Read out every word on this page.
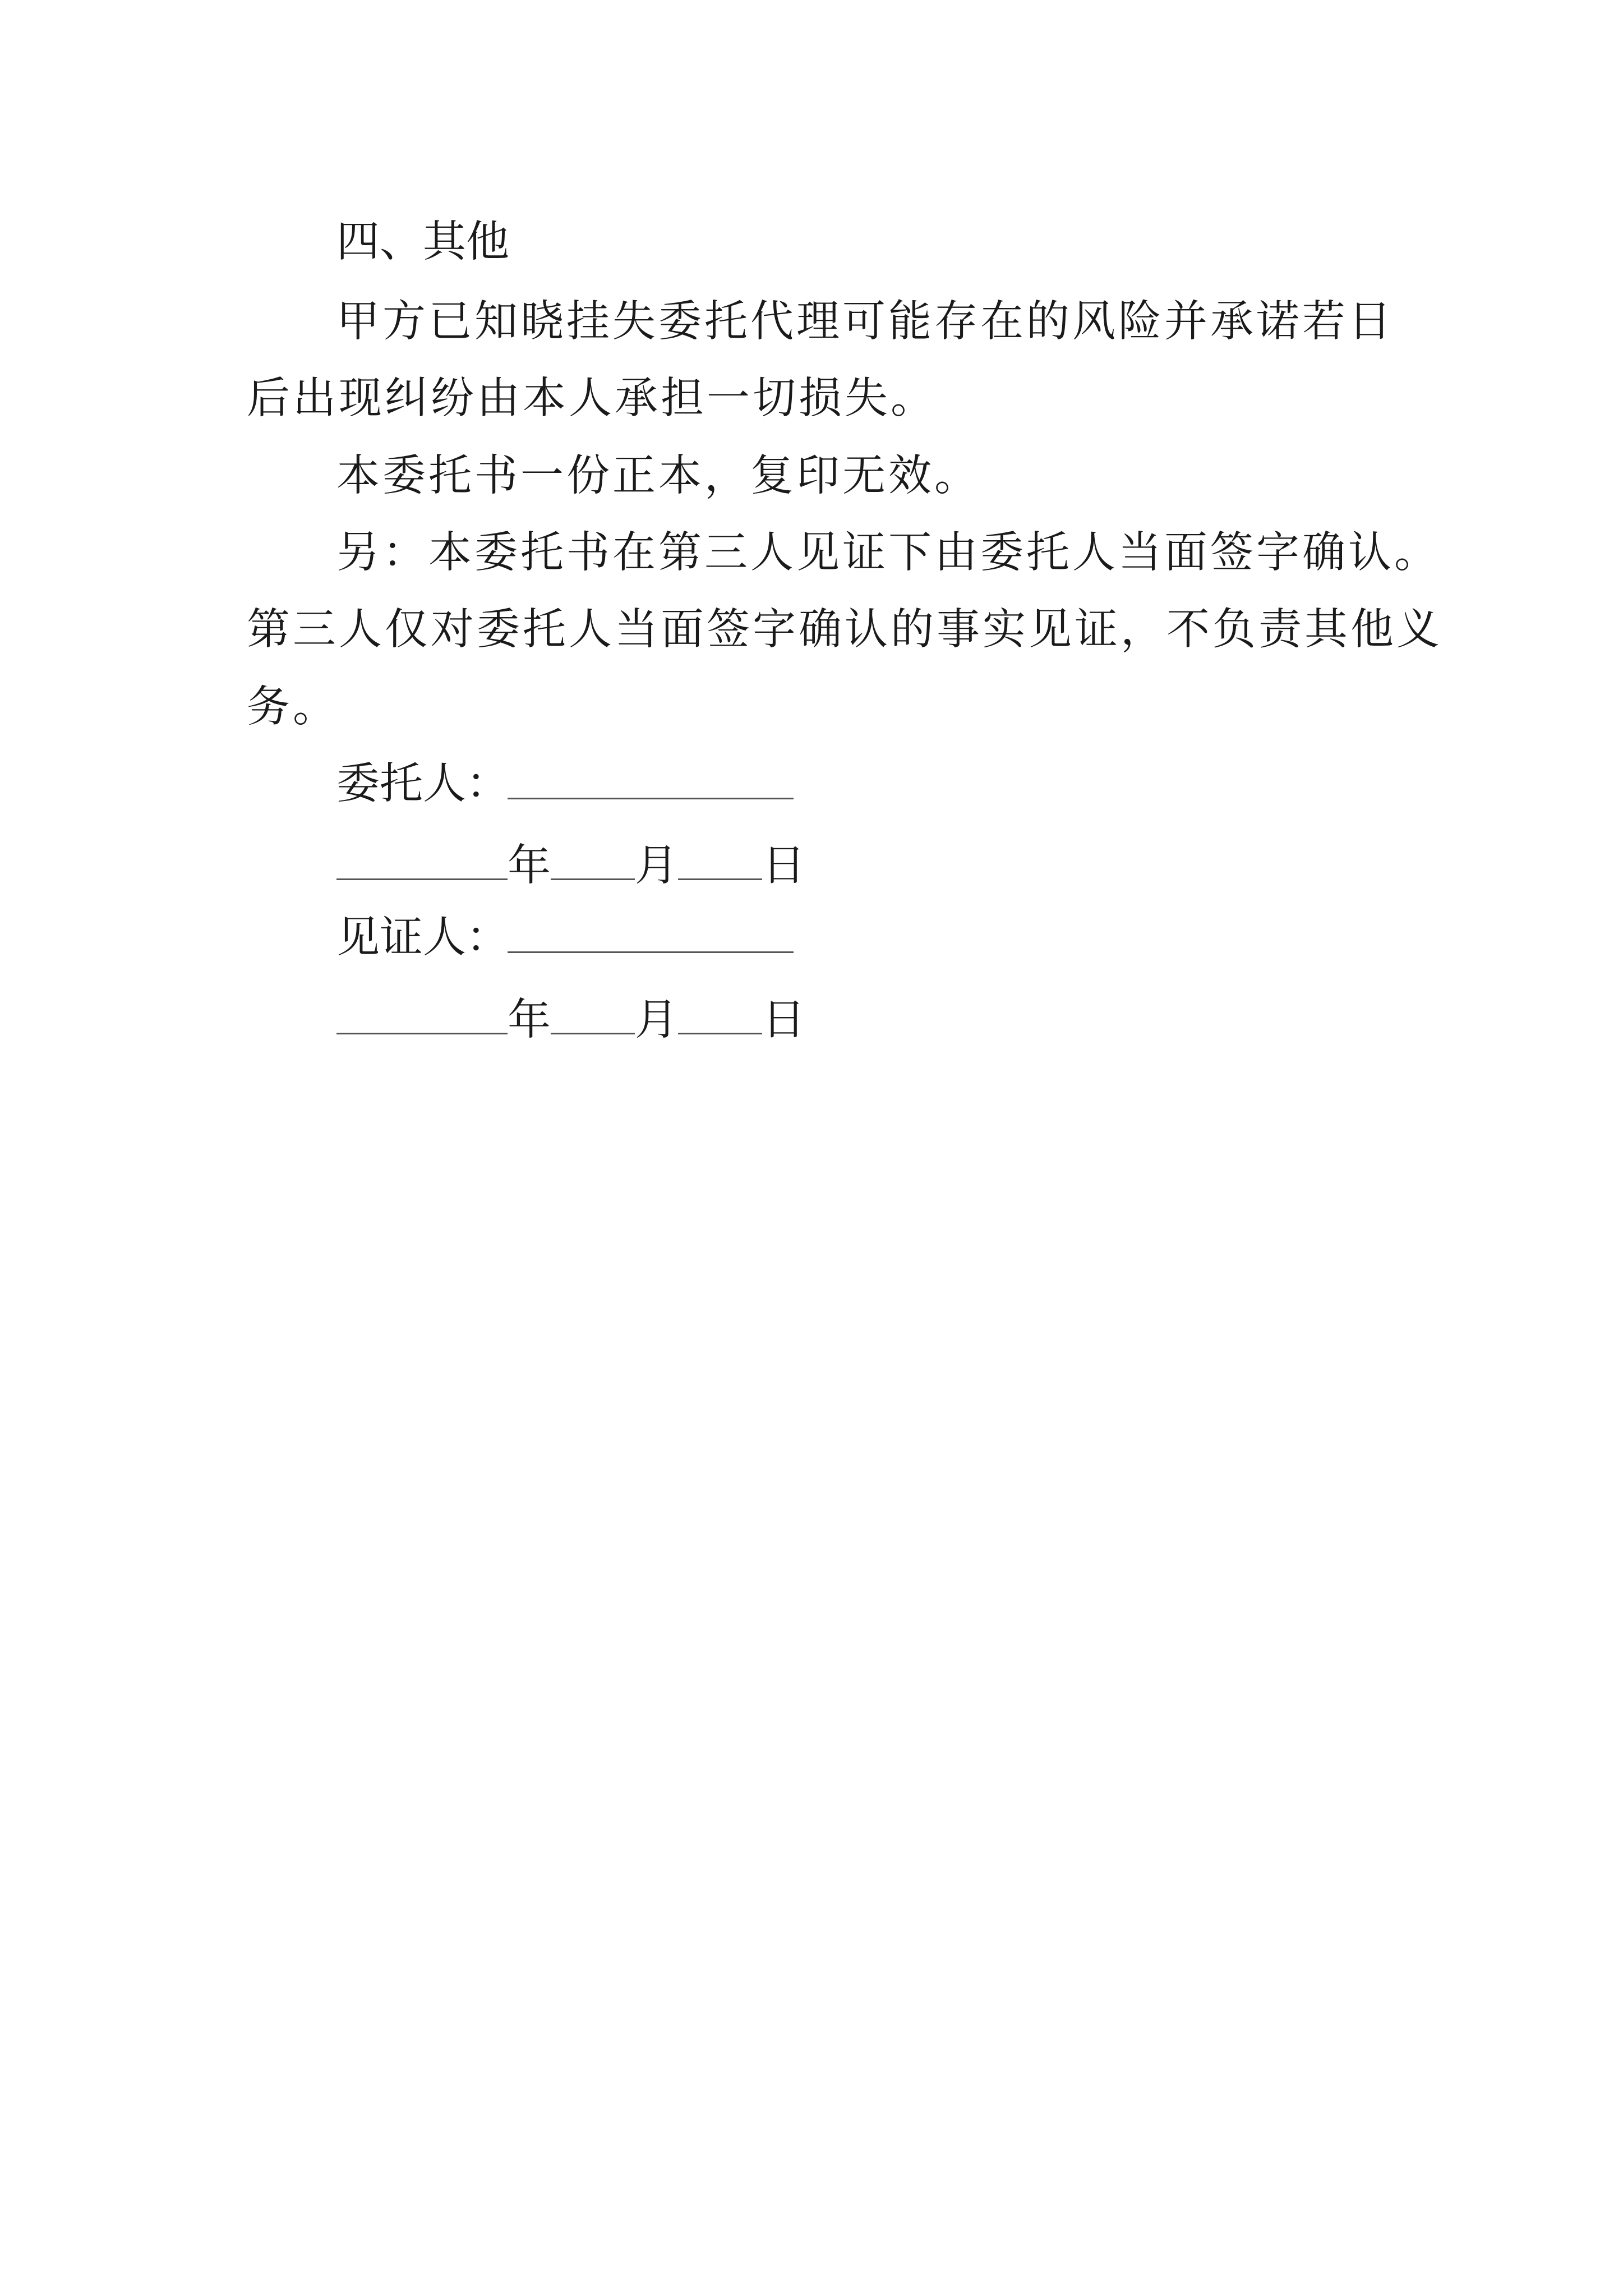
四、其他
甲方已知晓挂失委托代理可能存在的风险并承诺若日
后出现纠纷由本人承担一切损失。
本委托书一份正本，复印无效。
另：本委托书在第三人见证下由委托人当面签字确认。
第三人仅对委托人当面签字确认的事实见证，不负责其他义
务。
委托人：
年 月 日
见证人：
年 月 日
